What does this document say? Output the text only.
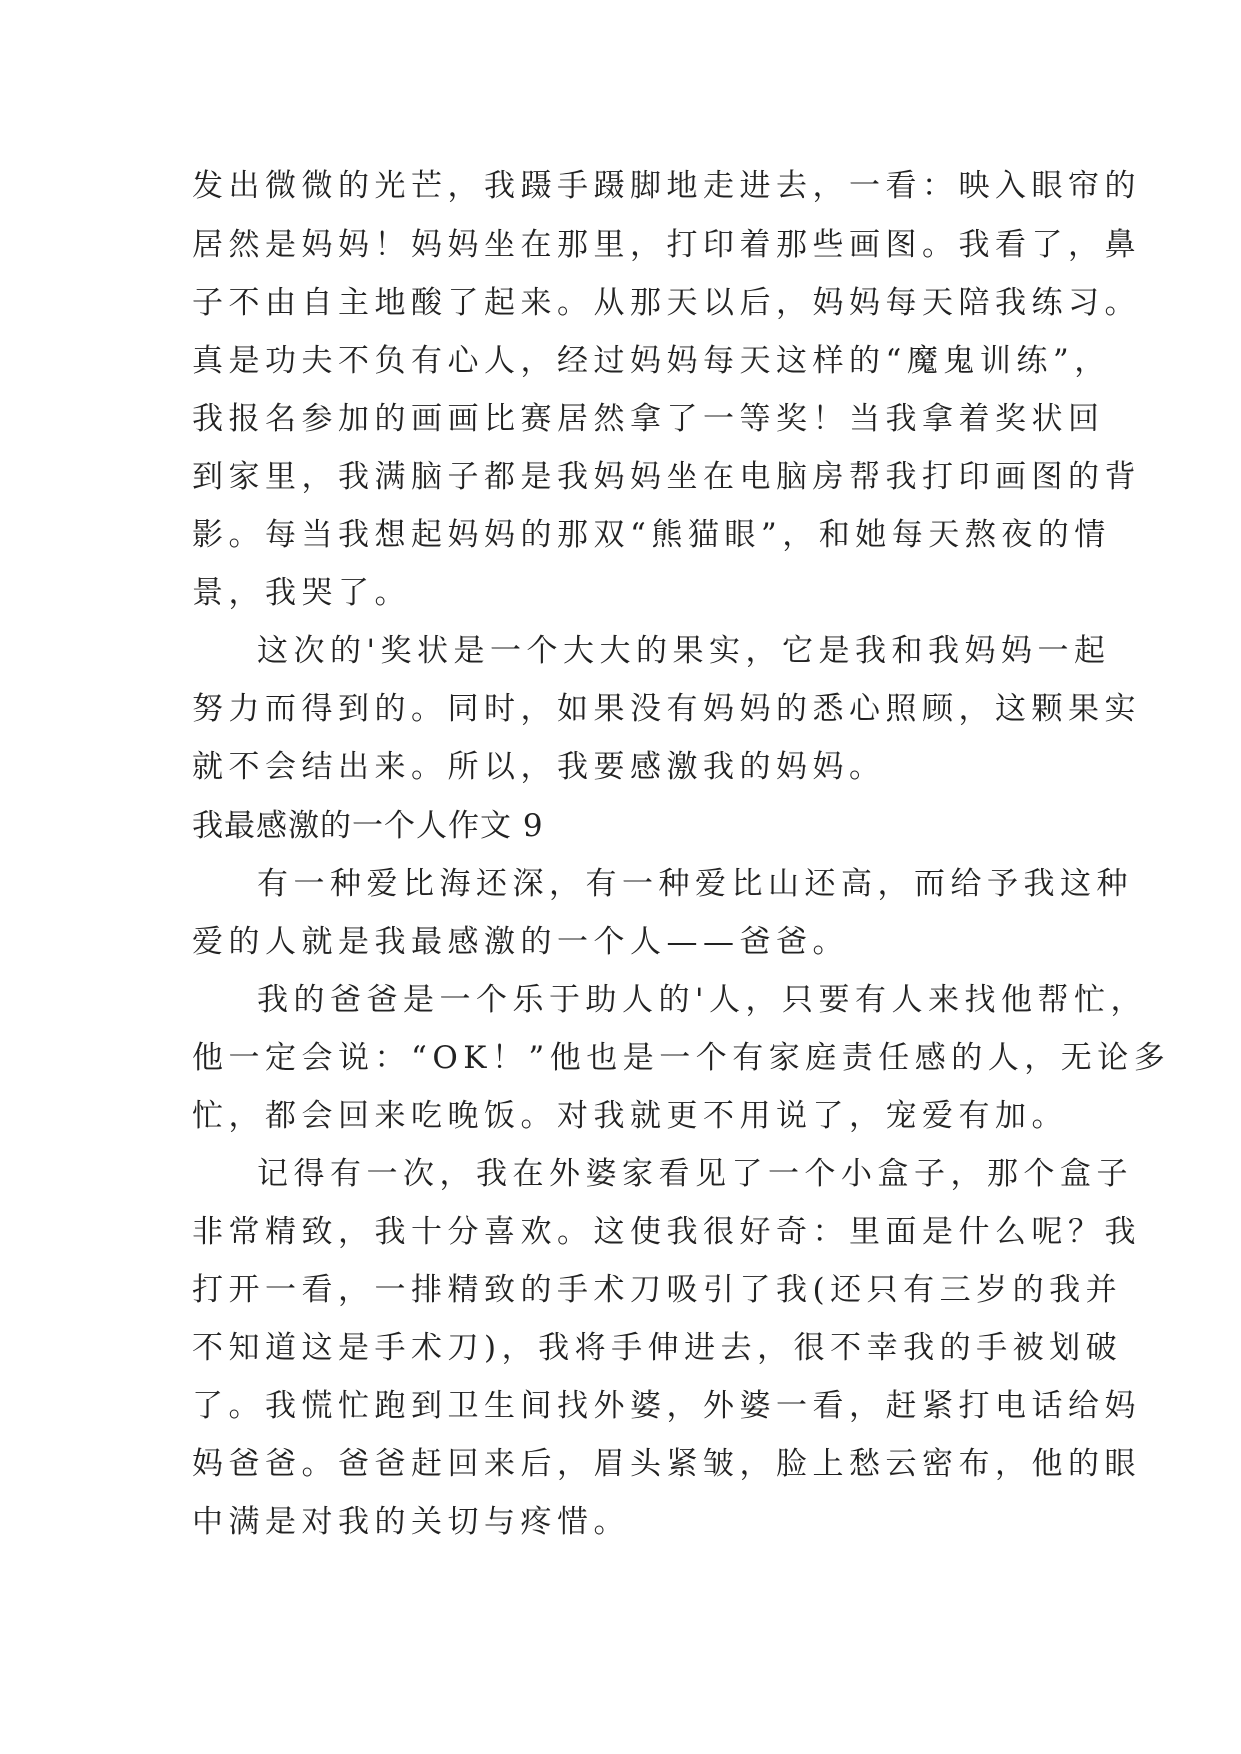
发出微微的光芒，我蹑手蹑脚地走进去，一看：映入眼帘的
居然是妈妈！妈妈坐在那里，打印着那些画图。我看了，鼻
子不由自主地酸了起来。从那天以后，妈妈每天陪我练习。
真是功夫不负有心人，经过妈妈每天这样的“魔鬼训练”，
我报名参加的画画比赛居然拿了一等奖！当我拿着奖状回
到家里，我满脑子都是我妈妈坐在电脑房帮我打印画图的背
影。每当我想起妈妈的那双“熊猫眼”，和她每天熬夜的情
景，我哭了。
这次的'奖状是一个大大的果实，它是我和我妈妈一起
努力而得到的。同时，如果没有妈妈的悉心照顾，这颗果实
就不会结出来。所以，我要感激我的妈妈。
我最感激的一个人作文 9
有一种爱比海还深，有一种爱比山还高，而给予我这种
爱的人就是我最感激的一个人——爸爸。
我的爸爸是一个乐于助人的'人，只要有人来找他帮忙，
他一定会说：“OK！”他也是一个有家庭责任感的人，无论多
忙，都会回来吃晚饭。对我就更不用说了，宠爱有加。
记得有一次，我在外婆家看见了一个小盒子，那个盒子
非常精致，我十分喜欢。这使我很好奇：里面是什么呢？我
打开一看，一排精致的手术刀吸引了我(还只有三岁的我并
不知道这是手术刀)，我将手伸进去，很不幸我的手被划破
了。我慌忙跑到卫生间找外婆，外婆一看，赶紧打电话给妈
妈爸爸。爸爸赶回来后，眉头紧皱，脸上愁云密布，他的眼
中满是对我的关切与疼惜。
